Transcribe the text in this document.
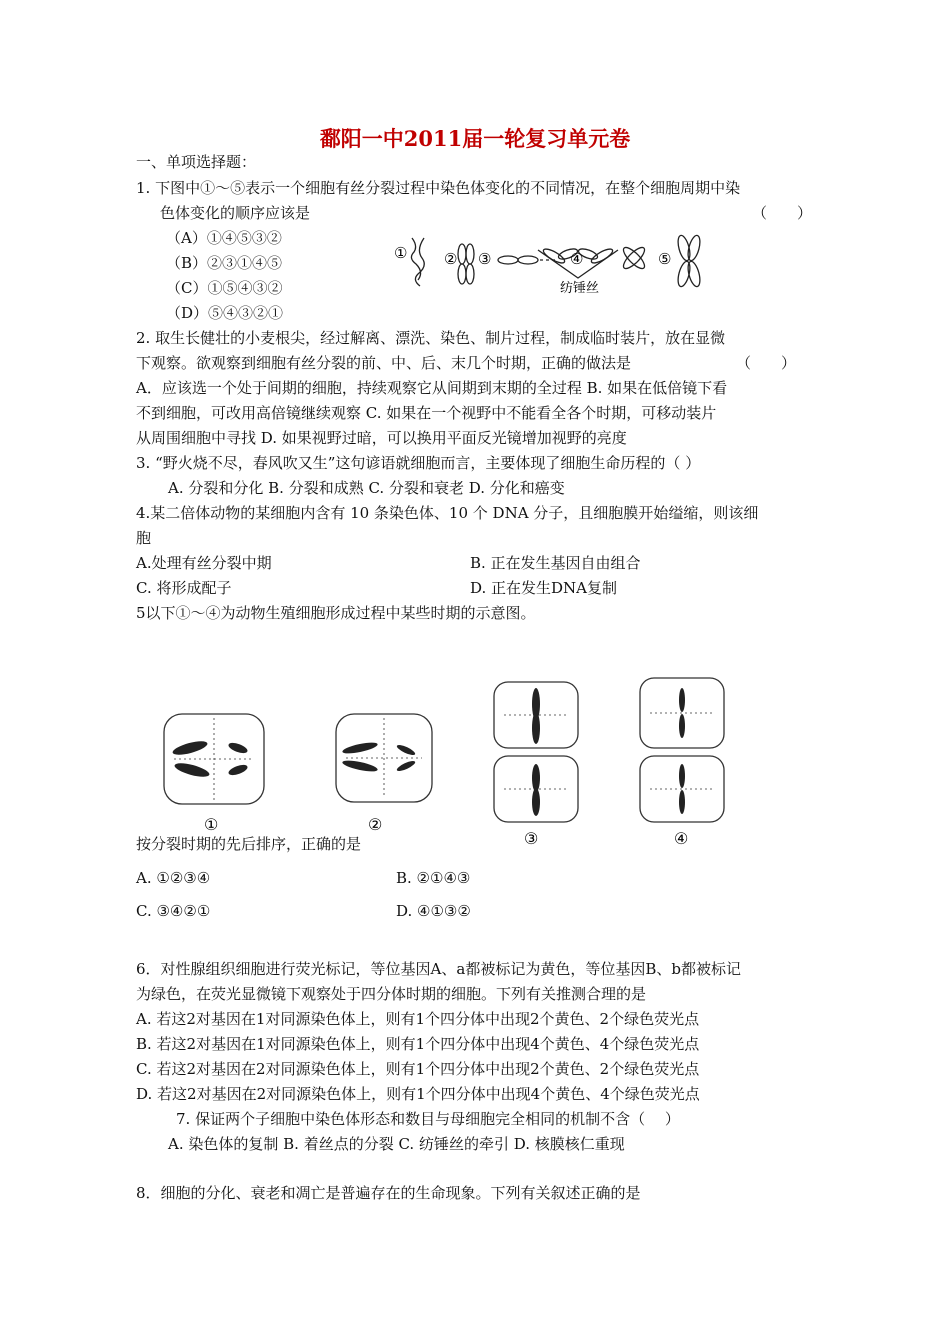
鄱阳一中2011届一轮复习单元卷
一、单项选择题：
1. 下图中①～⑤表示一个细胞有丝分裂过程中染色体变化的不同情况，在整个细胞周期中染
色体变化的顺序应该是	（　　）
（A）①④⑤③②
（B）②③①④⑤
（C）①⑤④③②
（D）⑤④③②①
①	③
②	④	⑤
纺锤丝
2. 取生长健壮的小麦根尖，经过解离、漂洗、染色、制片过程，制成临时装片，放在显微
下观察。欲观察到细胞有丝分裂的前、中、后、末几个时期，正确的做法是	（　　）
A．应该选一个处于间期的细胞，持续观察它从间期到末期的全过程 B. 如果在低倍镜下看
不到细胞，可改用高倍镜继续观察 C. 如果在一个视野中不能看全各个时期，可移动装片
从周围细胞中寻找 D. 如果视野过暗，可以换用平面反光镜增加视野的亮度
3. “野火烧不尽，春风吹又生”这句谚语就细胞而言，主要体现了细胞生命历程的（ ）
A. 分裂和分化 B. 分裂和成熟 C. 分裂和衰老 D. 分化和癌变
4.某二倍体动物的某细胞内含有 10 条染色体、10 个 DNA 分子，且细胞膜开始缢缩，则该细
胞
A.处理有丝分裂中期	B. 正在发生基因自由组合
C. 将形成配子	D. 正在发生DNA复制
5以下①～④为动物生殖细胞形成过程中某些时期的示意图。
①	②
③	④
按分裂时期的先后排序，正确的是
A. ①②③④	B. ②①④③
C. ③④②①	D. ④①③②
6．对性腺组织细胞进行荧光标记，等位基因A、a都被标记为黄色，等位基因B、b都被标记
为绿色，在荧光显微镜下观察处于四分体时期的细胞。下列有关推测合理的是
A. 若这2对基因在1对同源染色体上，则有1个四分体中出现2个黄色、2个绿色荧光点
B. 若这2对基因在1对同源染色体上，则有1个四分体中出现4个黄色、4个绿色荧光点
C. 若这2对基因在2对同源染色体上，则有1个四分体中出现2个黄色、2个绿色荧光点
D. 若这2对基因在2对同源染色体上，则有1个四分体中出现4个黄色、4个绿色荧光点
7. 保证两个子细胞中染色体形态和数目与母细胞完全相同的机制不含（　 ）
A. 染色体的复制 B. 着丝点的分裂 C. 纺锤丝的牵引 D. 核膜核仁重现
8．细胞的分化、衰老和凋亡是普遍存在的生命现象。下列有关叙述正确的是
